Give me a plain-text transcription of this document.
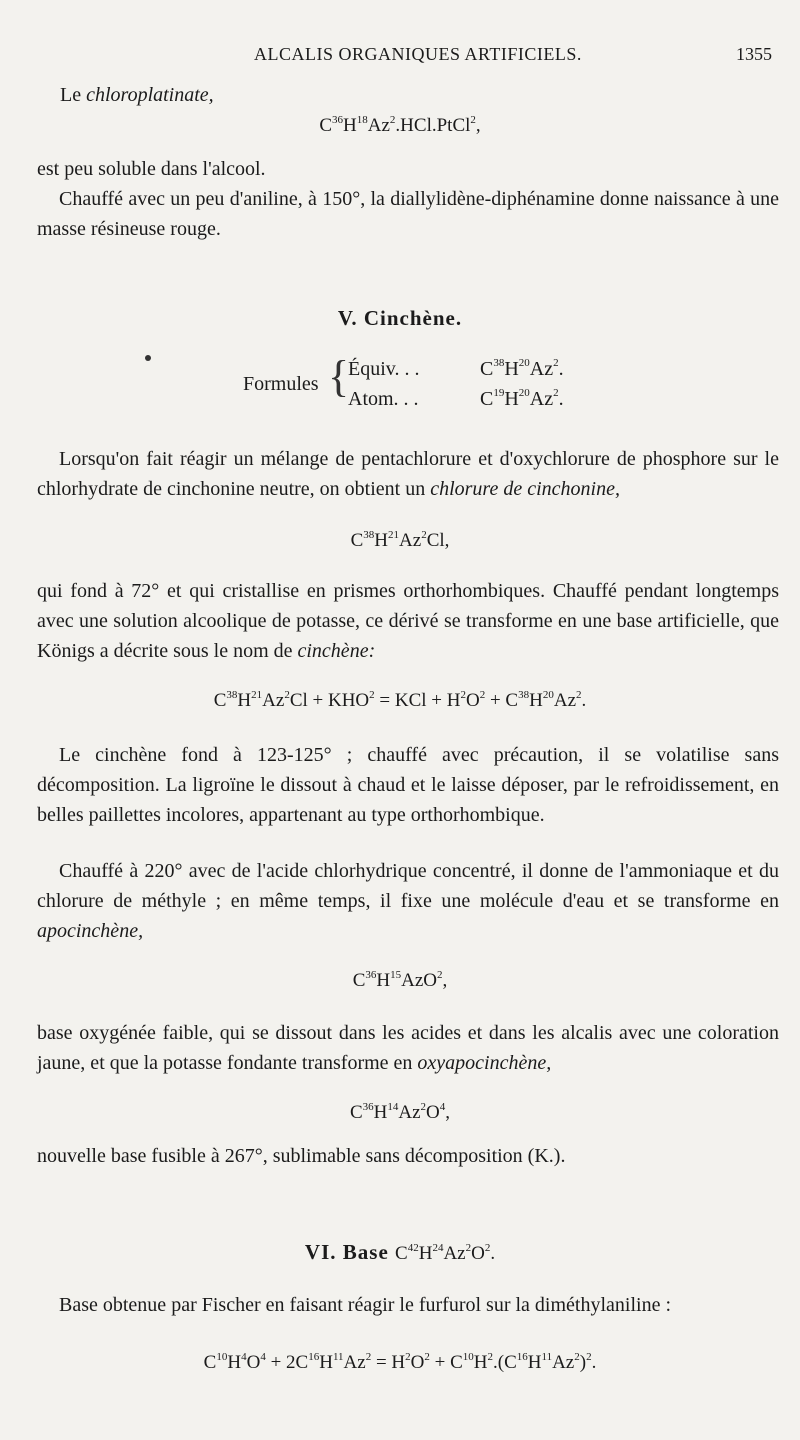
ALCALIS ORGANIQUES ARTIFICIELS.	1355
Le chloroplatinate,
$C^{36}H^{18}Az^2.HCl.PtCl^2$,
est peu soluble dans l'alcool.
Chauffé avec un peu d'aniline, à 150°, la diallylidène-diphénamine donne naissance à une masse résineuse rouge.
V. Cinchène.
Formules {
Équiv. . .	$C^{38}H^{20}Az^2$.
Atom. . .	$C^{19}H^{20}Az^2$.
Lorsqu'on fait réagir un mélange de pentachlorure et d'oxychlorure de phosphore sur le chlorhydrate de cinchonine neutre, on obtient un chlorure de cinchonine,
$C^{38}H^{21}Az^2Cl$,
qui fond à 72° et qui cristallise en prismes orthorhombiques. Chauffé pendant longtemps avec une solution alcoolique de potasse, ce dérivé se transforme en une base artificielle, que Königs a décrite sous le nom de cinchène:
$C^{38}H^{21}Az^2Cl + KHO^2$ = KCl + $H^2O^2 + C^{38}H^{20}Az^2$.
Le cinchène fond à 123-125° ; chauffé avec précaution, il se volatilise sans décomposition. La ligroïne le dissout à chaud et le laisse déposer, par le refroidissement, en belles paillettes incolores, appartenant au type orthorhombique.
Chauffé à 220° avec de l'acide chlorhydrique concentré, il donne de l'ammoniaque et du chlorure de méthyle ; en même temps, il fixe une molécule d'eau et se transforme en apocinchène,
$C^{36}H^{15}AzO^2$,
base oxygénée faible, qui se dissout dans les acides et dans les alcalis avec une coloration jaune, et que la potasse fondante transforme en oxyapocinchène,
$C^{36}H^{14}Az^2O^4$,
nouvelle base fusible à 267°, sublimable sans décomposition (K.).
VI. Base $C^{42}H^{24}Az^2O^2$.
Base obtenue par Fischer en faisant réagir le furfurol sur la diméthylaniline :
$C^{10}H^4O^4 + 2C^{16}H^{11}Az^2 = H^2O^2 + C^{10}H^2.(C^{16}H^{11}Az^2)^2$.
